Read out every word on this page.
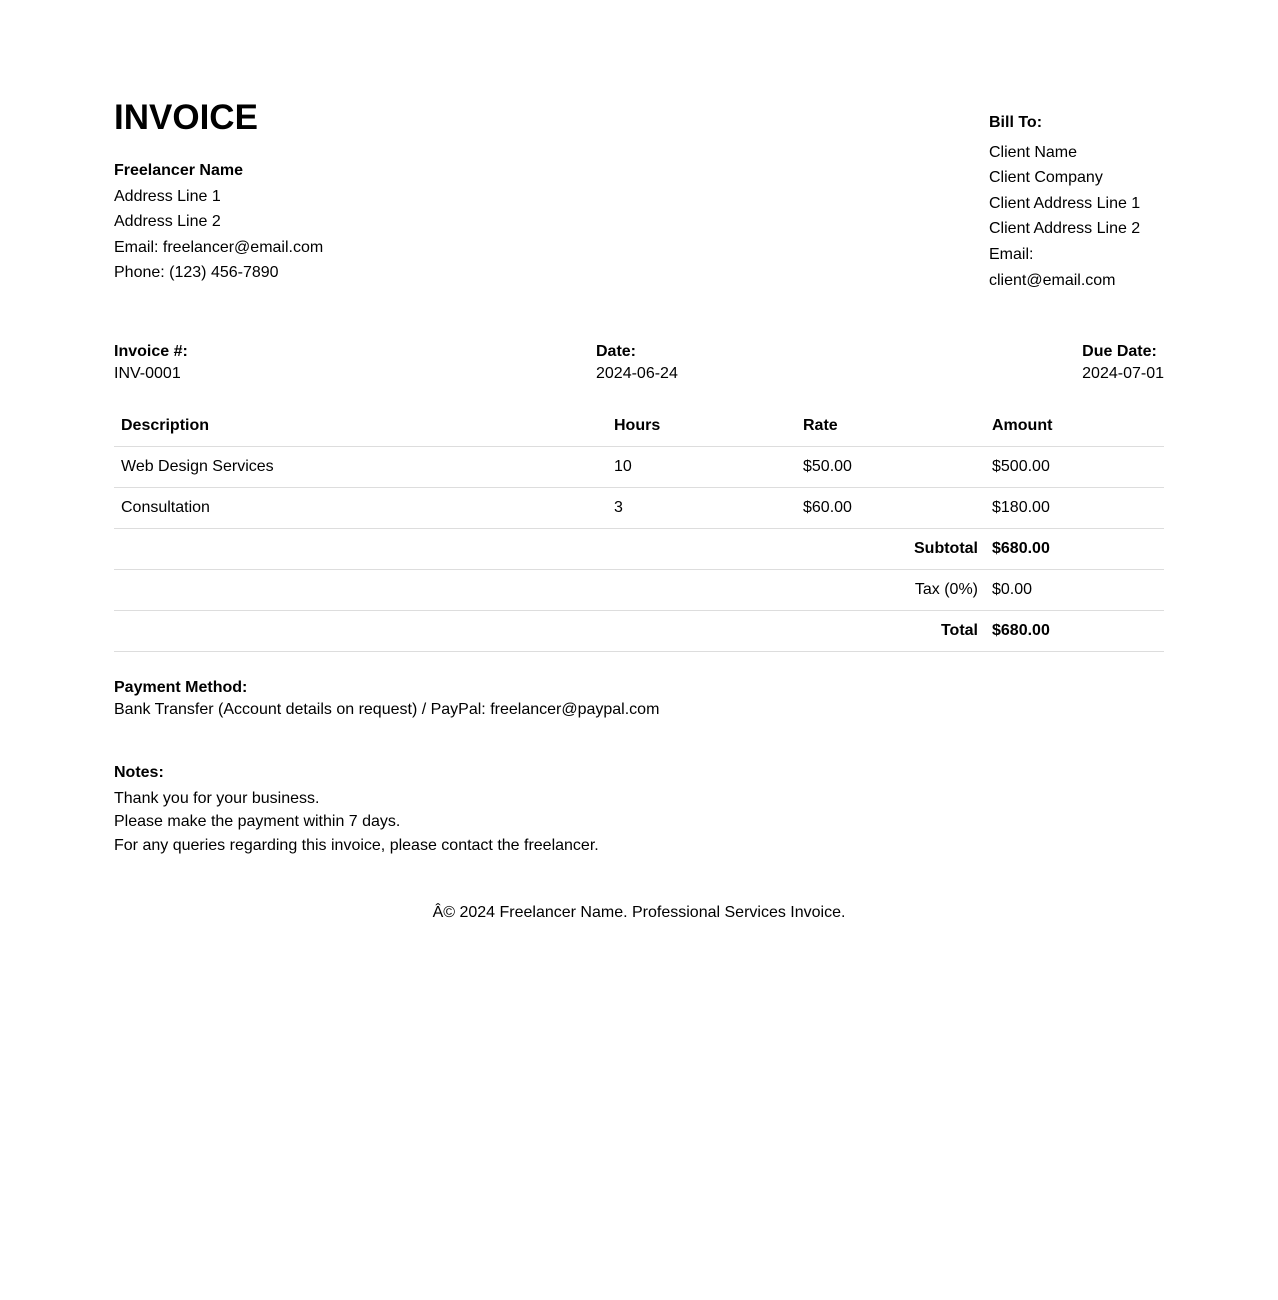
INVOICE
Freelancer Name
Address Line 1
Address Line 2
Email: freelancer@email.com
Phone: (123) 456-7890
Bill To:
Client Name
Client Company
Client Address Line 1
Client Address Line 2
Email: client@email.com
Invoice #:
INV-0001
Date:
2024-06-24
Due Date:
2024-07-01
Description	Hours	Rate	Amount
Web Design Services	10	$50.00	$500.00
Consultation	3	$60.00	$180.00
Subtotal			$680.00
Tax (0%)			$0.00
Total			$680.00
Payment Method:
Bank Transfer (Account details on request) / PayPal: freelancer@paypal.com
Notes:
Thank you for your business.
Please make the payment within 7 days.
For any queries regarding this invoice, please contact the freelancer.
Â© 2024 Freelancer Name. Professional Services Invoice.
